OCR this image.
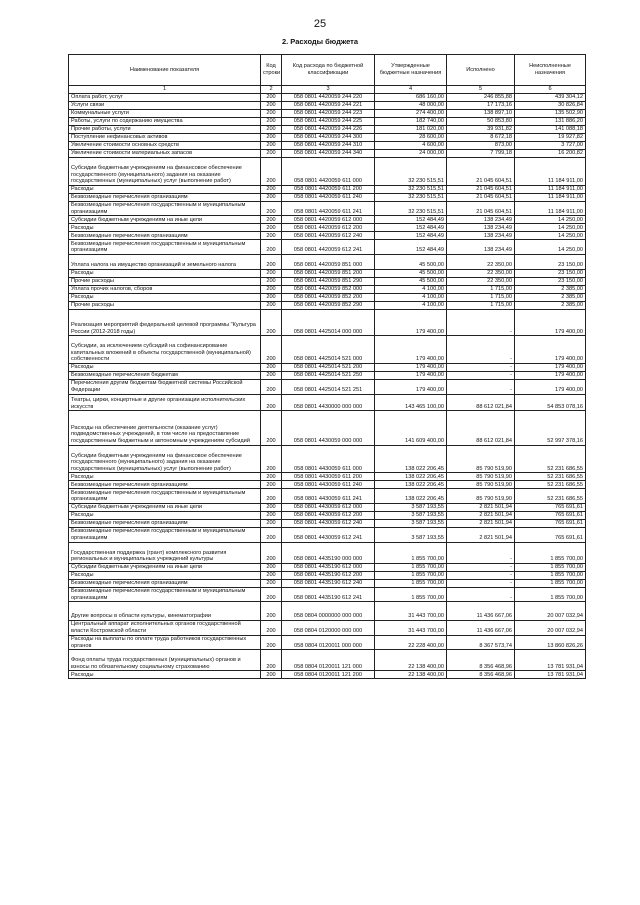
25
2. Расходы бюджета
Наименование показателя	Код строки	Код расхода по бюджетной классификации	Утвержденные бюджетные назначения	Исполнено	Неисполненные назначения
1	2	3	4	5	6
Оплата работ, услуг	200	058 0801 4420059 244 220	686 160,00	246 855,88	439 304,12
Услуги связи	200	058 0801 4420059 244 221	48 000,00	17 173,16	30 826,84
Коммунальные услуги	200	058 0801 4420059 244 223	274 400,00	138 897,10	135 502,90
Работы, услуги по содержанию имущества	200	058 0801 4420059 244 225	182 740,00	50 853,80	131 886,20
Прочие работы, услуги	200	058 0801 4420059 244 226	181 020,00	39 931,82	141 088,18
Поступление нефинансовых активов	200	058 0801 4420059 244 300	28 600,00	8 672,18	19 927,82
Увеличение стоимости основных средств	200	058 0801 4420059 244 310	4 600,00	873,00	3 727,00
Увеличение стоимости материальных запасов	200	058 0801 4420059 244 340	24 000,00	7 799,18	16 200,82
Субсидии бюджетным учреждениям на финансовое обеспечение государственного (муниципального) задания на оказание государственных (муниципальных) услуг (выполнение работ)	200	058 0801 4420059 611 000	32 230 515,51	21 045 604,51	11 184 911,00
Расходы	200	058 0801 4420059 611 200	32 230 515,51	21 045 604,51	11 184 911,00
Безвозмездные перечисления организациям	200	058 0801 4420059 611 240	32 230 515,51	21 045 604,51	11 184 911,00
Безвозмездные перечисления государственным и муниципальным организациям	200	058 0801 4420059 611 241	32 230 515,51	21 045 604,51	11 184 911,00
Субсидии бюджетным учреждениям на иные цели	200	058 0801 4420059 612 000	152 484,49	138 234,49	14 250,00
Расходы	200	058 0801 4420059 612 200	152 484,49	138 234,49	14 250,00
Безвозмездные перечисления организациям	200	058 0801 4420059 612 240	152 484,49	138 234,49	14 250,00
Безвозмездные перечисления государственным и муниципальным организациям	200	058 0801 4420059 612 241	152 484,49	138 234,49	14 250,00
Уплата налога на имущество организаций и земельного налога	200	058 0801 4420059 851 000	45 500,00	22 350,00	23 150,00
Расходы	200	058 0801 4420059 851 200	45 500,00	22 350,00	23 150,00
Прочие расходы	200	058 0801 4420059 851 290	45 500,00	22 350,00	23 150,00
Уплата прочих налогов, сборов	200	058 0801 4420059 852 000	4 100,00	1 715,00	2 385,00
Расходы	200	058 0801 4420059 852 200	4 100,00	1 715,00	2 385,00
Прочие расходы	200	058 0801 4420059 852 290	4 100,00	1 715,00	2 385,00
Реализация мероприятий федеральной целевой программы "Культура России (2012-2018 годы)	200	058 0801 4425014 000 000	179 400,00	-	179 400,00
Субсидии, за исключением субсидий на софинансирование капитальных вложений в объекты государственной (муниципальной) собственности	200	058 0801 4425014 521 000	179 400,00	-	179 400,00
Расходы	200	058 0801 4425014 521 200	179 400,00	-	179 400,00
Безвозмездные перечисления бюджетам	200	058 0801 4425014 521 250	179 400,00	-	179 400,00
Перечисления другим бюджетам бюджетной системы Российской Федерации	200	058 0801 4425014 521 251	179 400,00	-	179 400,00
Театры, цирки, концертные и другие организации исполнительских искусств	200	058 0801 4430000 000 000	143 465 100,00	88 612 021,84	54 853 078,16
Расходы на обеспечение деятельности (оказание услуг) подведомственных учреждений, в том числе на предоставление государственным бюджетным и автономным учреждениям субсидий	200	058 0801 4430059 000 000	141 609 400,00	88 612 021,84	52 997 378,16
Субсидии бюджетным учреждениям на финансовое обеспечение государственного (муниципального) задания на оказание государственных (муниципальных) услуг (выполнение работ)	200	058 0801 4430059 611 000	138 022 206,45	85 790 519,90	52 231 686,55
Расходы	200	058 0801 4430059 611 200	138 022 206,45	85 790 519,90	52 231 686,55
Безвозмездные перечисления организациям	200	058 0801 4430059 611 240	138 022 206,45	85 790 519,90	52 231 686,55
Безвозмездные перечисления государственным и муниципальным организациям	200	058 0801 4430059 611 241	138 022 206,45	85 790 519,90	52 231 686,55
Субсидии бюджетным учреждениям на иные цели	200	058 0801 4430059 612 000	3 587 193,55	2 821 501,94	765 691,61
Расходы	200	058 0801 4430059 612 200	3 587 193,55	2 821 501,94	765 691,61
Безвозмездные перечисления организациям	200	058 0801 4430059 612 240	3 587 193,55	2 821 501,94	765 691,61
Безвозмездные перечисления государственным и муниципальным организациям	200	058 0801 4430059 612 241	3 587 193,55	2 821 501,94	765 691,61
Государственная поддержка (грант) комплексного развития региональных и муниципальных учреждений культуры	200	058 0801 4435190 000 000	1 855 700,00	-	1 855 700,00
Субсидии бюджетным учреждениям на иные цели	200	058 0801 4435190 612 000	1 855 700,00	-	1 855 700,00
Расходы	200	058 0801 4435190 612 200	1 855 700,00	-	1 855 700,00
Безвозмездные перечисления организациям	200	058 0801 4435190 612 240	1 855 700,00	-	1 855 700,00
Безвозмездные перечисления государственным и муниципальным организациям	200	058 0801 4435190 612 241	1 855 700,00	-	1 855 700,00
Другие вопросы в области культуры, кинематографии	200	058 0804 0000000 000 000	31 443 700,00	11 436 667,06	20 007 032,94
Центральный аппарат исполнительных органов государственной власти Костромской области	200	058 0804 0120000 000 000	31 443 700,00	11 436 667,06	20 007 032,94
Расходы на выплаты по оплате труда работников государственных органов	200	058 0804 0120011 000 000	22 228 400,00	8 367 573,74	13 860 826,26
Фонд оплаты труда государственных (муниципальных) органов и взносы по обязательному социальному страхованию	200	058 0804 0120011 121 000	22 138 400,00	8 356 468,96	13 781 931,04
Расходы	200	058 0804 0120011 121 200	22 138 400,00	8 356 468,96	13 781 931,04
